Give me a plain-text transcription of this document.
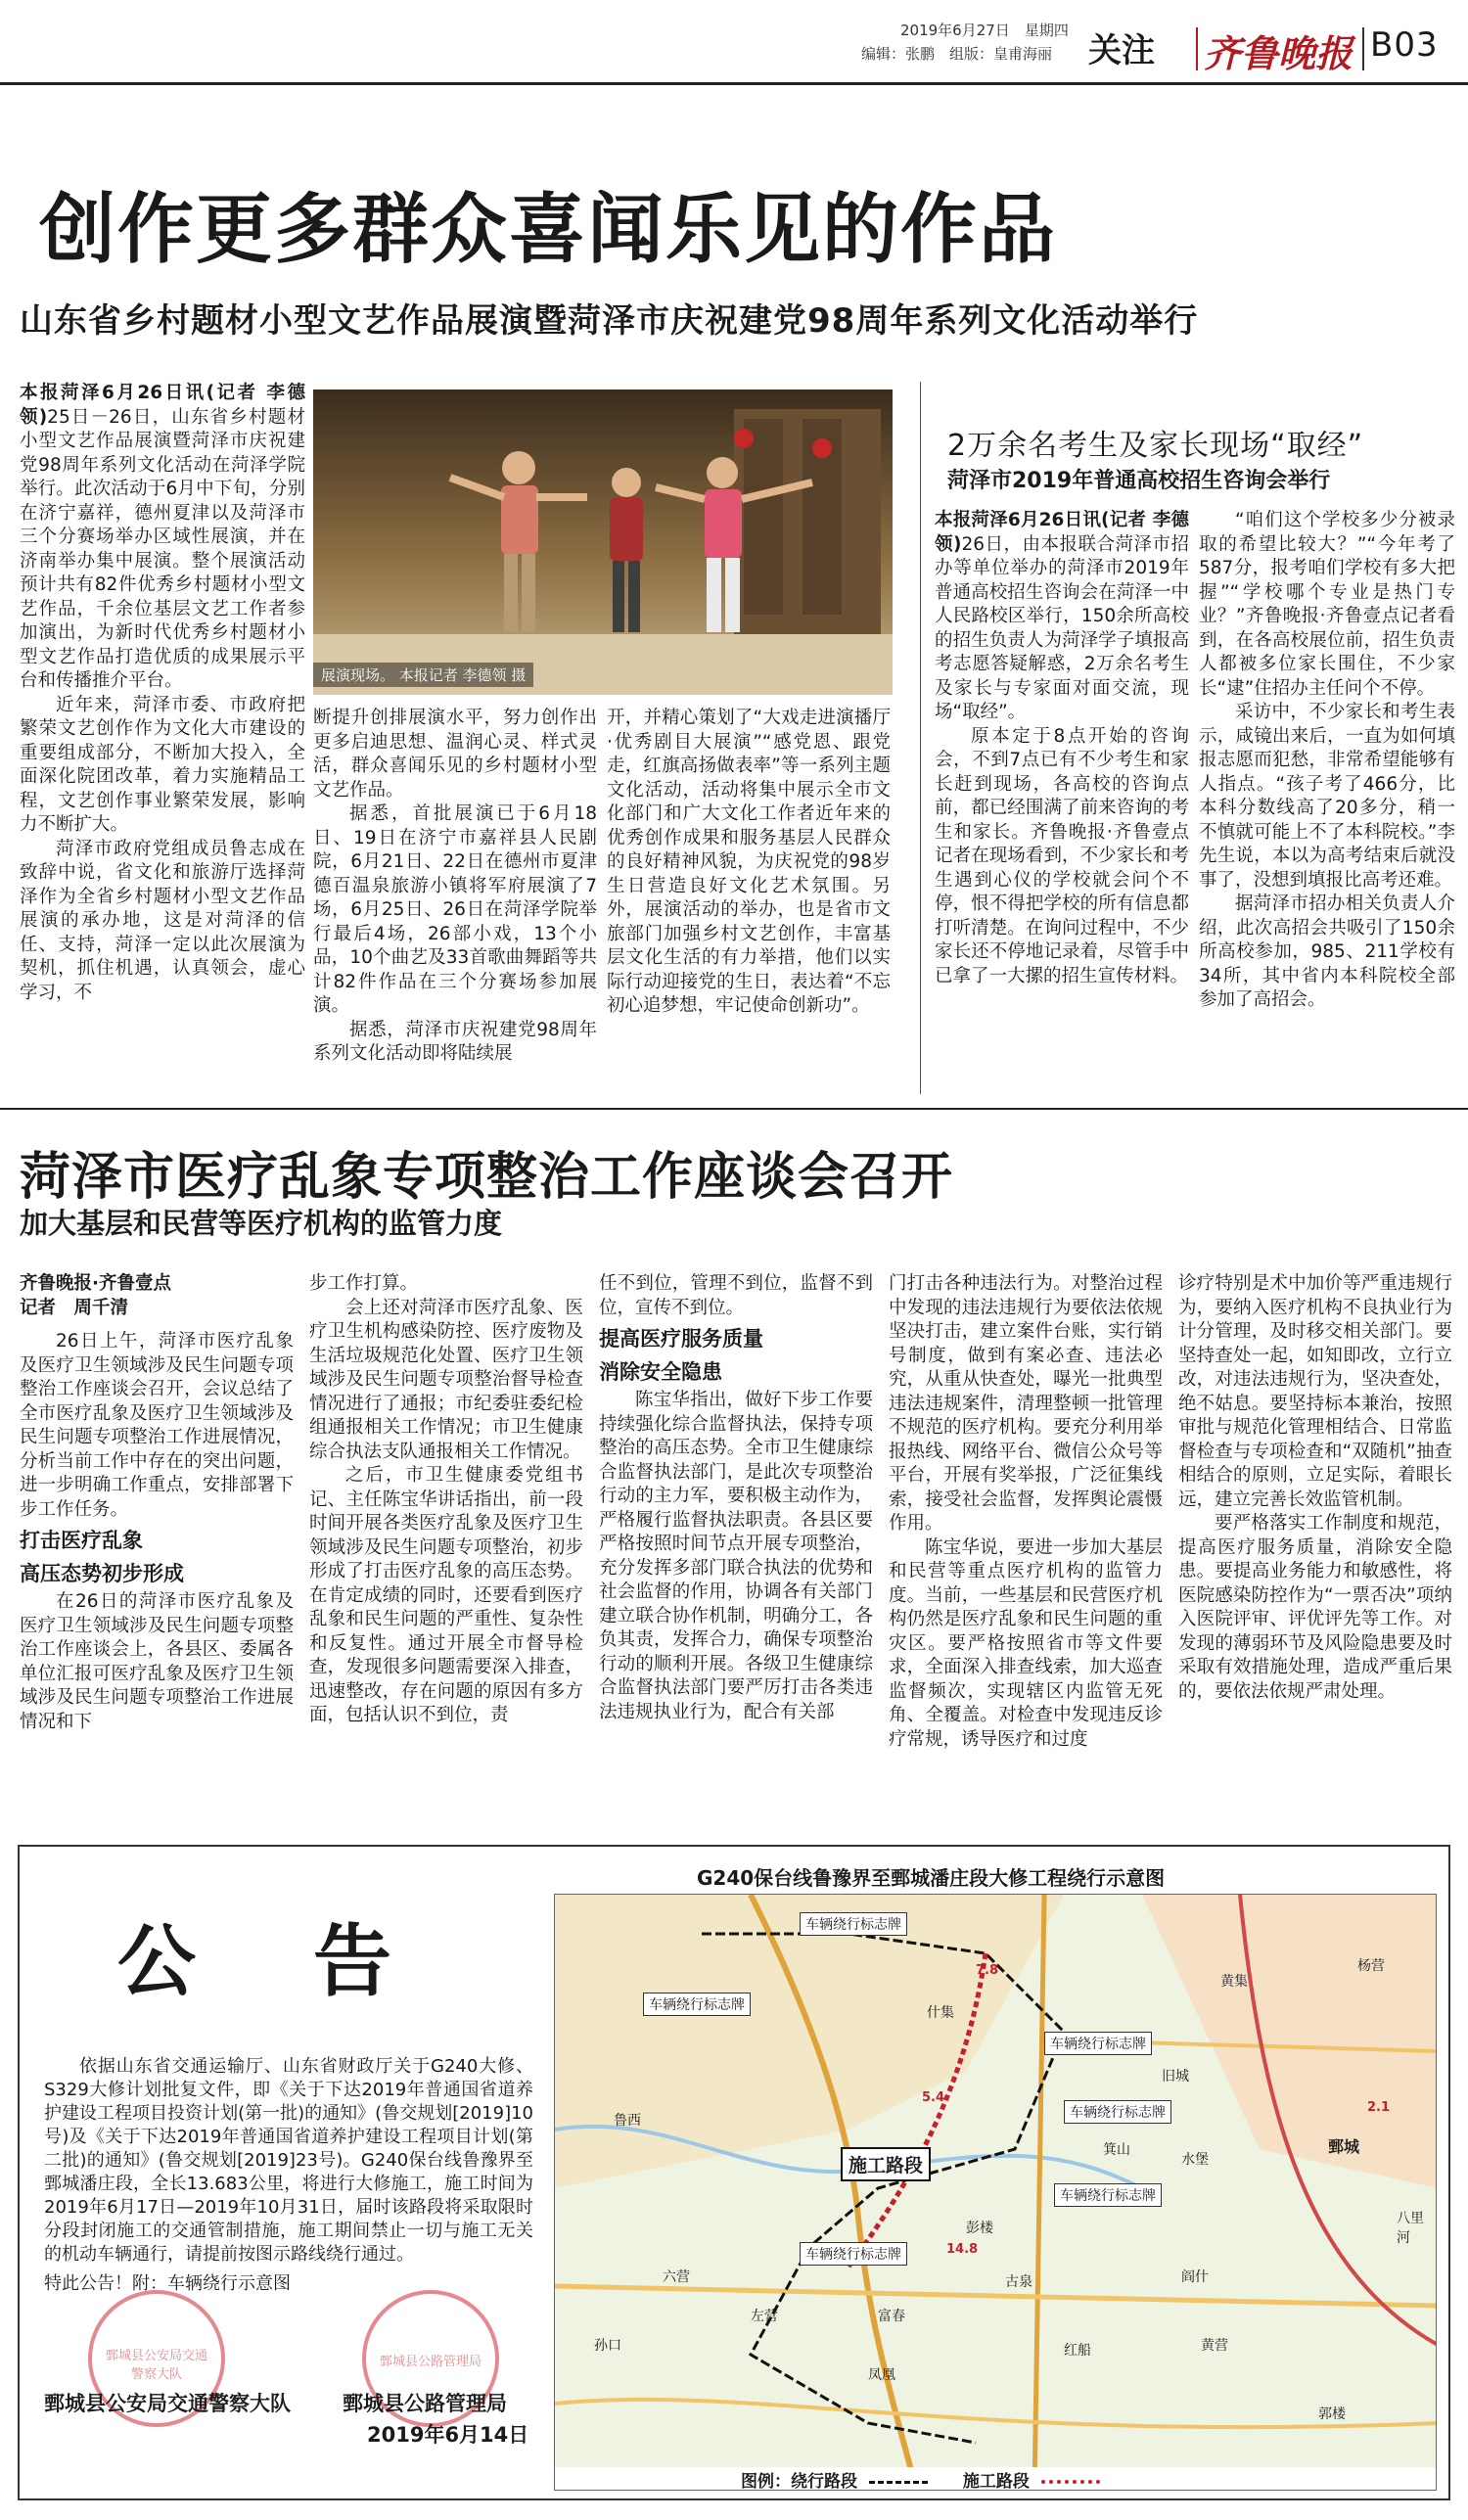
2019年6月27日　 星期四
编辑：张鹏　 组版：皇甫海丽 关注 齐鲁晚报 B03
创作更多群众喜闻乐见的作品
山东省乡村题材小型文艺作品展演暨菏泽市庆祝建党98周年系列文化活动举行

本报菏泽6月26日讯(记者 李德领)25日－26日，山东省乡村题材小型文艺作品展演暨菏泽市庆祝建党98周年系列文化活动在菏泽学院举行。此次活动于6月中下旬，分别在济宁嘉祥，德州夏津以及菏泽市三个分赛场举办区域性展演，并在济南举办集中展演。整个展演活动预计共有82件优秀乡村题材小型文艺作品，千余位基层文艺工作者参加演出，为新时代优秀乡村题材小型文艺作品打造优质的成果展示平台和传播推介平台。

近年来，菏泽市委、市政府把繁荣文艺创作作为文化大市建设的重要组成部分，不断加大投入，全面深化院团改革，着力实施精品工程，文艺创作事业繁荣发展，影响力不断扩大。

菏泽市政府党组成员鲁志成在致辞中说，省文化和旅游厅选择菏泽作为全省乡村题材小型文艺作品展演的承办地，这是对菏泽的信任、支持，菏泽一定以此次展演为契机，抓住机遇，认真领会，虚心学习，不

展演现场。 本报记者 李德领 摄

断提升创排展演水平，努力创作出更多启迪思想、温润心灵、样式灵活，群众喜闻乐见的乡村题材小型文艺作品。

据悉，首批展演已于6月18日、19日在济宁市嘉祥县人民剧院，6月21日、22日在德州市夏津德百温泉旅游小镇将军府展演了7场，6月25日、26日在菏泽学院举行最后4场，26部小戏，13个小品，10个曲艺及33首歌曲舞蹈等共计82件作品在三个分赛场参加展演。

据悉，菏泽市庆祝建党98周年系列文化活动即将陆续展

开，并精心策划了“大戏走进演播厅·优秀剧目大展演”“感党恩、跟党走，红旗高扬做表率”等一系列主题文化活动，活动将集中展示全市文化部门和广大文化工作者近年来的优秀创作成果和服务基层人民群众的良好精神风貌，为庆祝党的98岁生日营造良好文化艺术氛围。另外，展演活动的举办，也是省市文旅部门加强乡村文艺创作，丰富基层文化生活的有力举措，他们以实际行动迎接党的生日，表达着“不忘初心追梦想，牢记使命创新功”。

2万余名考生及家长现场“取经”
菏泽市2019年普通高校招生咨询会举行

本报菏泽6月26日讯(记者 李德领)26日，由本报联合菏泽市招办等单位举办的菏泽市2019年普通高校招生咨询会在菏泽一中人民路校区举行，150余所高校的招生负责人为菏泽学子填报高考志愿答疑解惑，2万余名考生及家长与专家面对面交流，现场“取经”。

原本定于8点开始的咨询会，不到7点已有不少考生和家长赶到现场，各高校的咨询点前，都已经围满了前来咨询的考生和家长。齐鲁晚报·齐鲁壹点记者在现场看到，不少家长和考生遇到心仪的学校就会问个不停，恨不得把学校的所有信息都打听清楚。在询问过程中，不少家长还不停地记录着，尽管手中已拿了一大摞的招生宣传材料。

“咱们这个学校多少分被录取的希望比较大？”“今年考了587分，报考咱们学校有多大把握”“学校哪个专业是热门专业？”齐鲁晚报·齐鲁壹点记者看到，在各高校展位前，招生负责人都被多位家长围住，不少家长“逮”住招办主任问个不停。

采访中，不少家长和考生表示，咸镜出来后，一直为如何填报志愿而犯愁，非常希望能够有人指点。“孩子考了466分，比本科分数线高了20多分，稍一不慎就可能上不了本科院校。”李先生说，本以为高考结束后就没事了，没想到填报比高考还难。

据菏泽市招办相关负责人介绍，此次高招会共吸引了150余所高校参加，985、211学校有34所，其中省内本科院校全部参加了高招会。

菏泽市医疗乱象专项整治工作座谈会召开
加大基层和民营等医疗机构的监管力度

齐鲁晚报·齐鲁壹点

记者　周千清

26日上午，菏泽市医疗乱象及医疗卫生领域涉及民生问题专项整治工作座谈会召开，会议总结了全市医疗乱象及医疗卫生领域涉及民生问题专项整治工作进展情况，分析当前工作中存在的突出问题，进一步明确工作重点，安排部署下步工作任务。

打击医疗乱象
高压态势初步形成

在26日的菏泽市医疗乱象及医疗卫生领域涉及民生问题专项整治工作座谈会上，各县区、委属各单位汇报可医疗乱象及医疗卫生领域涉及民生问题专项整治工作进展情况和下

步工作打算。

会上还对菏泽市医疗乱象、医疗卫生机构感染防控、医疗废物及生活垃圾规范化处置、医疗卫生领域涉及民生问题专项整治督导检查情况进行了通报；市纪委驻委纪检组通报相关工作情况；市卫生健康综合执法支队通报相关工作情况。

之后，市卫生健康委党组书记、主任陈宝华讲话指出，前一段时间开展各类医疗乱象及医疗卫生领域涉及民生问题专项整治，初步形成了打击医疗乱象的高压态势。在肯定成绩的同时，还要看到医疗乱象和民生问题的严重性、复杂性和反复性。通过开展全市督导检查，发现很多问题需要深入排查，迅速整改，存在问题的原因有多方面，包括认识不到位，责

任不到位，管理不到位，监督不到位，宣传不到位。

提高医疗服务质量
消除安全隐患

陈宝华指出，做好下步工作要持续强化综合监督执法，保持专项整治的高压态势。全市卫生健康综合监督执法部门，是此次专项整治行动的主力军，要积极主动作为，严格履行监督执法职责。各县区要严格按照时间节点开展专项整治，充分发挥多部门联合执法的优势和社会监督的作用，协调各有关部门建立联合协作机制，明确分工，各负其责，发挥合力，确保专项整治行动的顺利开展。各级卫生健康综合监督执法部门要严厉打击各类违法违规执业行为，配合有关部

门打击各种违法行为。对整治过程中发现的违法违规行为要依法依规坚决打击，建立案件台账，实行销号制度，做到有案必查、违法必究，从重从快查处，曝光一批典型违法违规案件，清理整顿一批管理不规范的医疗机构。要充分利用举报热线、网络平台、微信公众号等平台，开展有奖举报，广泛征集线索，接受社会监督，发挥舆论震慑作用。

陈宝华说，要进一步加大基层和民营等重点医疗机构的监管力度。当前，一些基层和民营医疗机构仍然是医疗乱象和民生问题的重灾区。要严格按照省市等文件要求，全面深入排查线索，加大巡查监督频次，实现辖区内监管无死角、全覆盖。对检查中发现违反诊疗常规，诱导医疗和过度

诊疗特别是术中加价等严重违规行为，要纳入医疗机构不良执业行为计分管理，及时移交相关部门。要坚持查处一起，如知即改，立行立改，对违法违规行为，坚决查处，绝不姑息。要坚持标本兼治，按照审批与规范化管理相结合、日常监督检查与专项检查和“双随机”抽查相结合的原则，立足实际，着眼长远，建立完善长效监管机制。

要严格落实工作制度和规范，提高医疗服务质量，消除安全隐患。要提高业务能力和敏感性，将医院感染防控作为“一票否决”项纳入医院评审、评优评先等工作。对发现的薄弱环节及风险隐患要及时采取有效措施处理，造成严重后果的，要依法依规严肃处理。

公告

依据山东省交通运输厅、山东省财政厅关于G240大修、S329大修计划批复文件，即《关于下达2019年普通国省道养护建设工程项目投资计划(第一批)的通知》(鲁交规划[2019]10号)及《关于下达2019年普通国省道养护建设工程项目计划(第二批)的通知》(鲁交规划[2019]23号)。G240保台线鲁豫界至鄄城潘庄段，全长13.683公里，将进行大修施工，施工时间为2019年6月17日—2019年10月31日，届时该路段将采取限时分段封闭施工的交通管制措施，施工期间禁止一切与施工无关的机动车辆通行，请提前按图示路线绕行通过。

特此公告！附：车辆绕行示意图

鄄城县公安局交通警察大队
鄄城县公路管理局
鄄城县公安局交通警察大队	鄄城县公路管理局
2019年6月14日
G240保台线鲁豫界至鄄城潘庄段大修工程绕行示意图
车辆绕行标志牌
车辆绕行标志牌
车辆绕行标志牌
车辆绕行标志牌
车辆绕行标志牌
施工路段
车辆绕行标志牌
黄集
杨营
鄄城
旧城
什集
富春
左营
彭楼
阎什
箕山
水堡
古泉
红船
凤凰
黄营
六营
鲁西
孙口
八里河
郭楼
5.4
7.8
14.8
2.1
图例：绕行路段	施工路段
